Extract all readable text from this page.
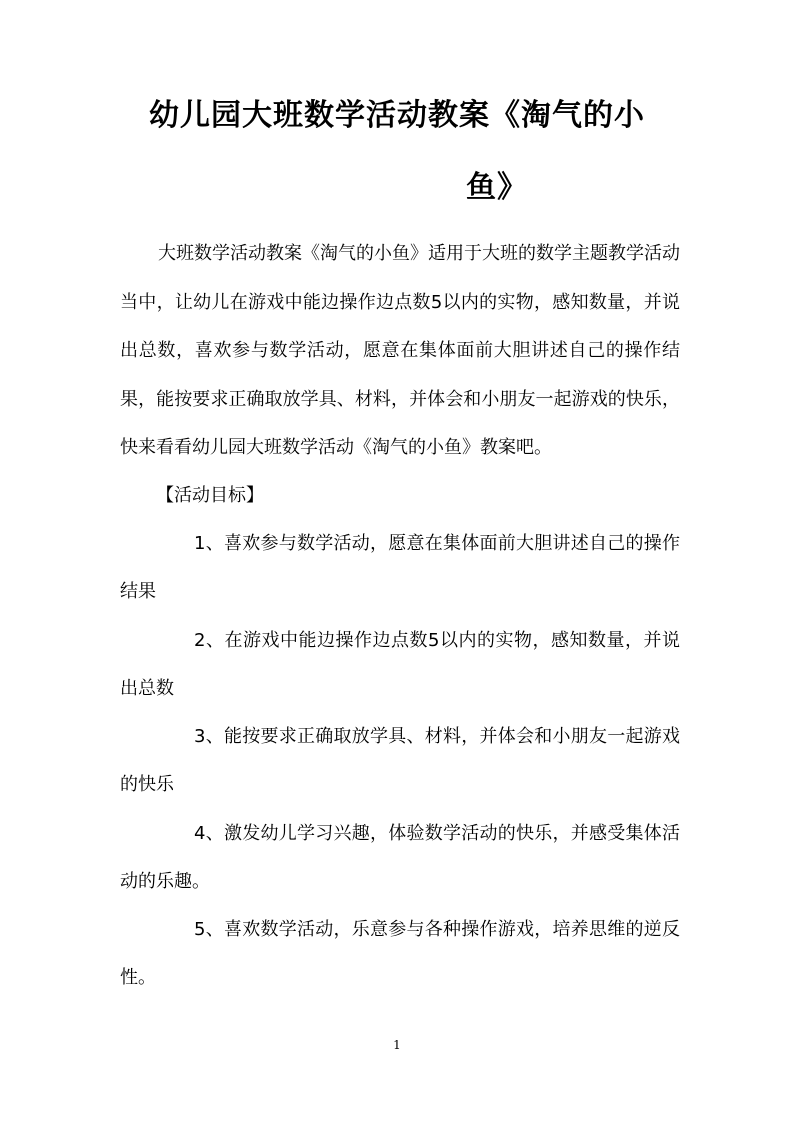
幼儿园大班数学活动教案《淘气的小
鱼》

大班数学活动教案《淘气的小鱼》适用于大班的数学主题教学活动当中，让幼儿在游戏中能边操作边点数5以内的实物，感知数量，并说出总数，喜欢参与数学活动，愿意在集体面前大胆讲述自己的操作结果，能按要求正确取放学具、材料，并体会和小朋友一起游戏的快乐，快来看看幼儿园大班数学活动《淘气的小鱼》教案吧。

【活动目标】

1、喜欢参与数学活动，愿意在集体面前大胆讲述自己的操作结果

2、在游戏中能边操作边点数5以内的实物，感知数量，并说出总数

3、能按要求正确取放学具、材料，并体会和小朋友一起游戏的快乐

4、激发幼儿学习兴趣，体验数学活动的快乐，并感受集体活动的乐趣。

5、喜欢数学活动，乐意参与各种操作游戏，培养思维的逆反性。

1
